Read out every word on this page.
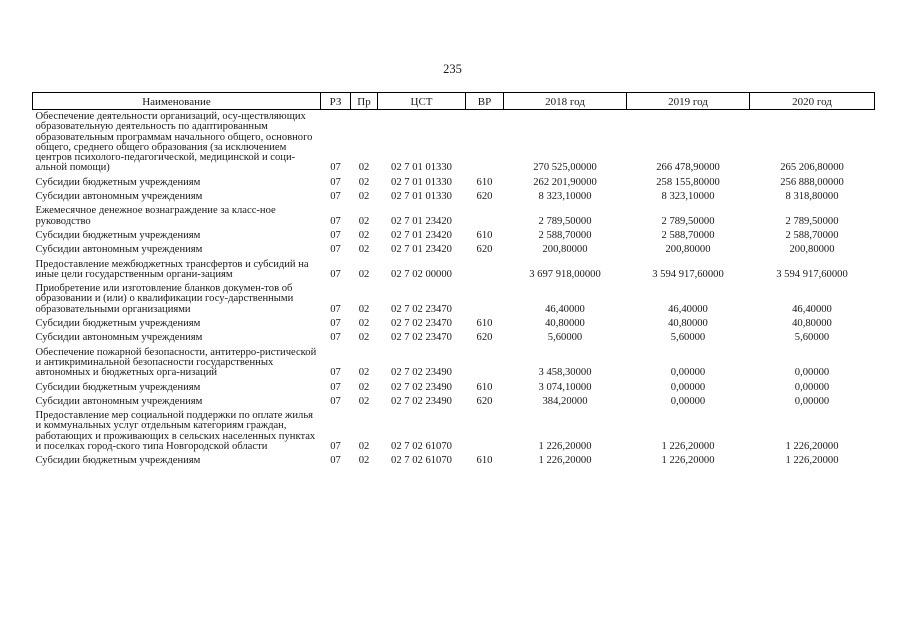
235
Наименование	РЗ	Пр	ЦСТ	ВР	2018 год	2019 год	2020 год
Обеспечение деятельности организаций, осу-ществляющих образовательную деятельность по адаптированным образовательным программам начального общего, основного общего, среднего общего образования (за исключением центров психолого-педагогической, медицинской и соци-альной помощи)	07	02	02 7 01 01330		270 525,00000	266 478,90000	265 206,80000
Субсидии бюджетным учреждениям	07	02	02 7 01 01330	610	262 201,90000	258 155,80000	256 888,00000
Субсидии автономным учреждениям	07	02	02 7 01 01330	620	8 323,10000	8 323,10000	8 318,80000
Ежемесячное денежное вознаграждение за класс-ное руководство	07	02	02 7 01 23420		2 789,50000	2 789,50000	2 789,50000
Субсидии бюджетным учреждениям	07	02	02 7 01 23420	610	2 588,70000	2 588,70000	2 588,70000
Субсидии автономным учреждениям	07	02	02 7 01 23420	620	200,80000	200,80000	200,80000
Предоставление межбюджетных трансфертов и субсидий на иные цели государственным органи-зациям	07	02	02 7 02 00000		3 697 918,00000	3 594 917,60000	3 594 917,60000
Приобретение или изготовление бланков докумен-тов об образовании и (или) о квалификации госу-дарственными образовательными организациями	07	02	02 7 02 23470		46,40000	46,40000	46,40000
Субсидии бюджетным учреждениям	07	02	02 7 02 23470	610	40,80000	40,80000	40,80000
Субсидии автономным учреждениям	07	02	02 7 02 23470	620	5,60000	5,60000	5,60000
Обеспечение пожарной безопасности, антитерро-ристической и антикриминальной безопасности государственных автономных и бюджетных орга-низаций	07	02	02 7 02 23490		3 458,30000	0,00000	0,00000
Субсидии бюджетным учреждениям	07	02	02 7 02 23490	610	3 074,10000	0,00000	0,00000
Субсидии автономным учреждениям	07	02	02 7 02 23490	620	384,20000	0,00000	0,00000
Предоставление мер социальной поддержки по оплате жилья и коммунальных услуг отдельным категориям граждан, работающих и проживающих в сельских населенных пунктах и поселках город-ского типа Новгородской области	07	02	02 7 02 61070		1 226,20000	1 226,20000	1 226,20000
Субсидии бюджетным учреждениям	07	02	02 7 02 61070	610	1 226,20000	1 226,20000	1 226,20000
